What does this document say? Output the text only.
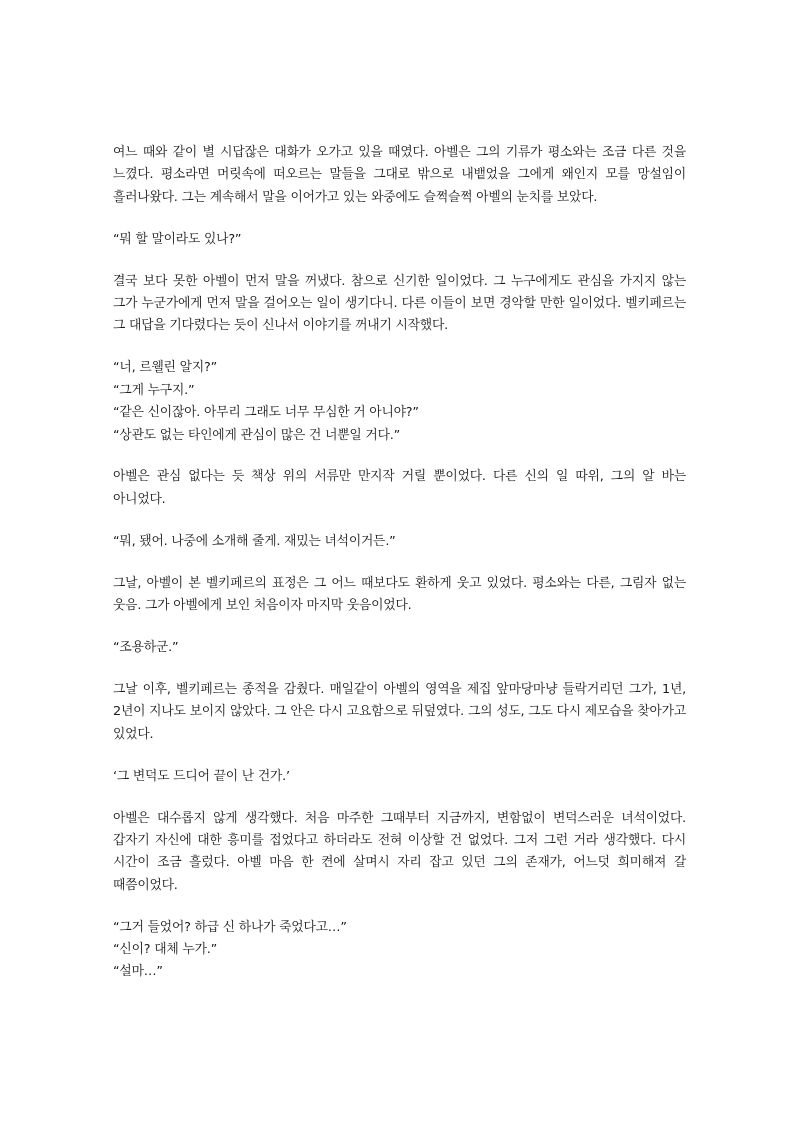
여느 때와 같이 별 시답잖은 대화가 오가고 있을 때였다. 아벨은 그의 기류가 평소와는 조금 다른 것을 느꼈다. 평소라면 머릿속에 떠오르는 말들을 그대로 밖으로 내뱉었을 그에게 왜인지 모를 망설임이 흘러나왔다. 그는 계속해서 말을 이어가고 있는 와중에도 슬쩍슬쩍 아벨의 눈치를 보았다.

“뭐 할 말이라도 있나?”

결국 보다 못한 아벨이 먼저 말을 꺼냈다. 참으로 신기한 일이었다. 그 누구에게도 관심을 가지지 않는 그가 누군가에게 먼저 말을 걸어오는 일이 생기다니. 다른 이들이 보면 경악할 만한 일이었다. 벨키페르는 그 대답을 기다렸다는 듯이 신나서 이야기를 꺼내기 시작했다.

“너, 르웰린 알지?”
“그게 누구지.”
“같은 신이잖아. 아무리 그래도 너무 무심한 거 아니야?”
“상관도 없는 타인에게 관심이 많은 건 너뿐일 거다.”

아벨은 관심 없다는 듯 책상 위의 서류만 만지작 거릴 뿐이었다. 다른 신의 일 따위, 그의 알 바는 아니었다.

“뭐, 됐어. 나중에 소개해 줄게. 재밌는 녀석이거든.”

그날, 아벨이 본 벨키페르의 표정은 그 어느 때보다도 환하게 웃고 있었다. 평소와는 다른, 그림자 없는 웃음. 그가 아벨에게 보인 처음이자 마지막 웃음이었다.

“조용하군.”

그날 이후, 벨키페르는 종적을 감췄다. 매일같이 아벨의 영역을 제집 앞마당마냥 들락거리던 그가, 1년, 2년이 지나도 보이지 않았다. 그 안은 다시 고요함으로 뒤덮였다. 그의 성도, 그도 다시 제모습을 찾아가고 있었다.

‘그 변덕도 드디어 끝이 난 건가.’

아벨은 대수롭지 않게 생각했다. 처음 마주한 그때부터 지금까지, 변함없이 변덕스러운 녀석이었다. 갑자기 자신에 대한 흥미를 접었다고 하더라도 전혀 이상할 건 없었다. 그저 그런 거라 생각했다. 다시 시간이 조금 흘렀다. 아벨 마음 한 켠에 살며시 자리 잡고 있던 그의 존재가, 어느덧 희미해져 갈 때쯤이었다.

“그거 들었어? 하급 신 하나가 죽었다고…”
“신이? 대체 누가.”
“설마…”
